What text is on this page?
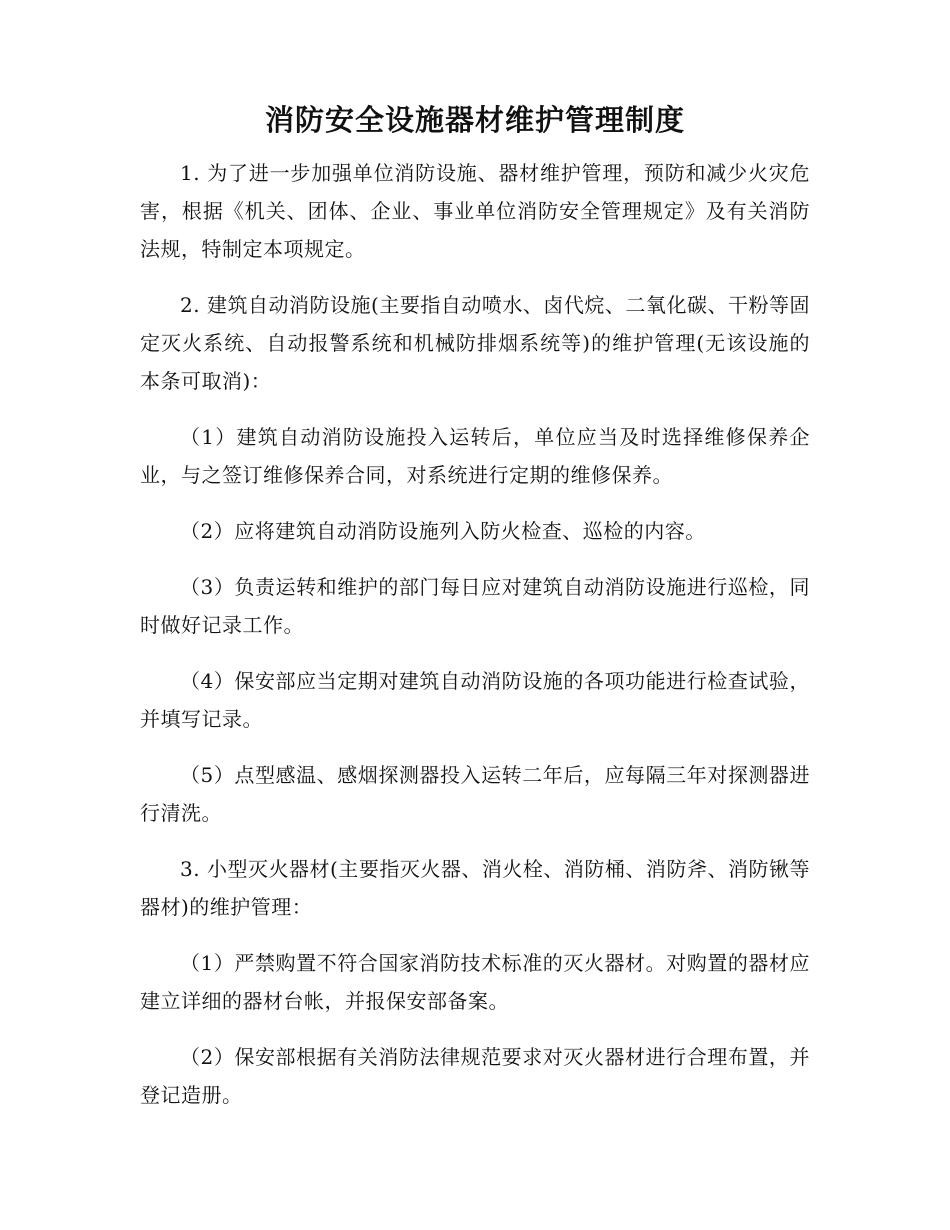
消防安全设施器材维护管理制度

1. 为了进一步加强单位消防设施、器材维护管理，预防和减少火灾危害，根据《机关、团体、企业、事业单位消防安全管理规定》及有关消防法规，特制定本项规定。

2. 建筑自动消防设施(主要指自动喷水、卤代烷、二氧化碳、干粉等固定灭火系统、自动报警系统和机械防排烟系统等)的维护管理(无该设施的本条可取消)：

（1）建筑自动消防设施投入运转后，单位应当及时选择维修保养企业，与之签订维修保养合同，对系统进行定期的维修保养。

（2）应将建筑自动消防设施列入防火检查、巡检的内容。

（3）负责运转和维护的部门每日应对建筑自动消防设施进行巡检，同时做好记录工作。

（4）保安部应当定期对建筑自动消防设施的各项功能进行检查试验，并填写记录。

（5）点型感温、感烟探测器投入运转二年后，应每隔三年对探测器进行清洗。

3. 小型灭火器材(主要指灭火器、消火栓、消防桶、消防斧、消防锹等器材)的维护管理：

（1）严禁购置不符合国家消防技术标准的灭火器材。对购置的器材应建立详细的器材台帐，并报保安部备案。

（2）保安部根据有关消防法律规范要求对灭火器材进行合理布置，并登记造册。
